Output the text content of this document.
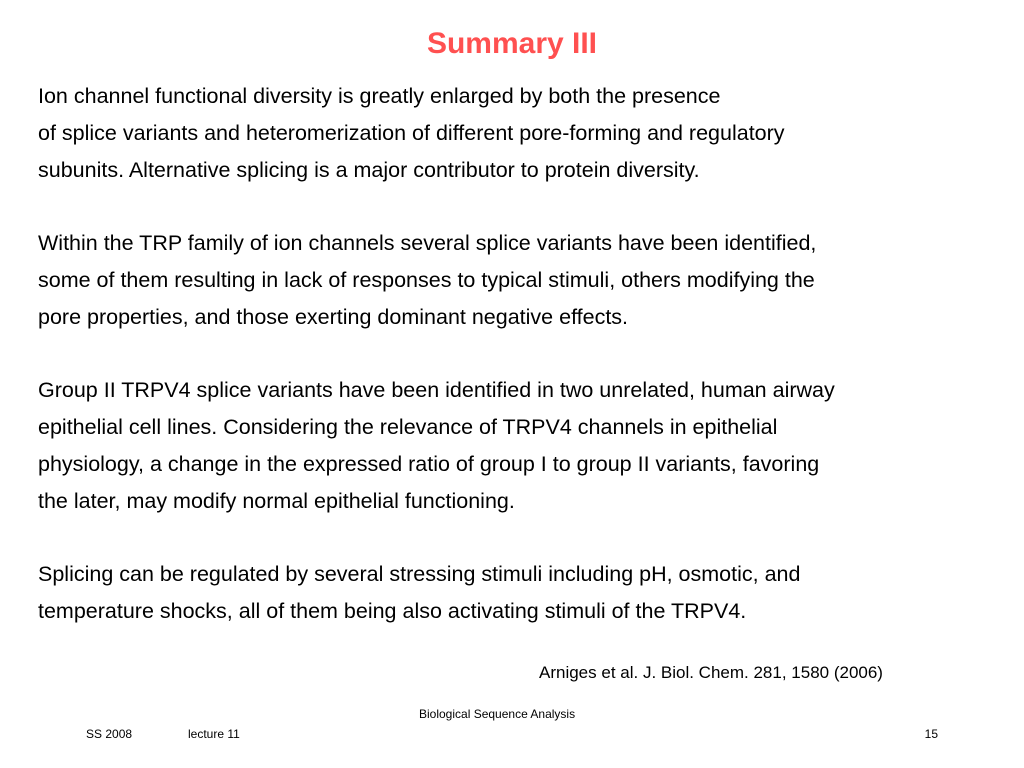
Summary III
Ion channel functional diversity is greatly enlarged by both the presence
of splice variants and heteromerization of different pore-forming and regulatory
subunits. Alternative splicing is a major contributor to protein diversity.
Within the TRP family of ion channels several splice variants have been identified,
some of them resulting in lack of responses to typical stimuli, others modifying the
pore properties, and those exerting dominant negative effects.
Group II TRPV4 splice variants have been identified in two unrelated, human airway
epithelial cell lines. Considering the relevance of TRPV4 channels in epithelial
physiology, a change in the expressed ratio of group I to group II variants, favoring
the later, may modify normal epithelial functioning.
Splicing can be regulated by several stressing stimuli including pH, osmotic, and
temperature shocks, all of them being also activating stimuli of the TRPV4.
Arniges et al. J. Biol. Chem. 281, 1580 (2006)
Biological Sequence Analysis
SS 2008	lecture 11	15
